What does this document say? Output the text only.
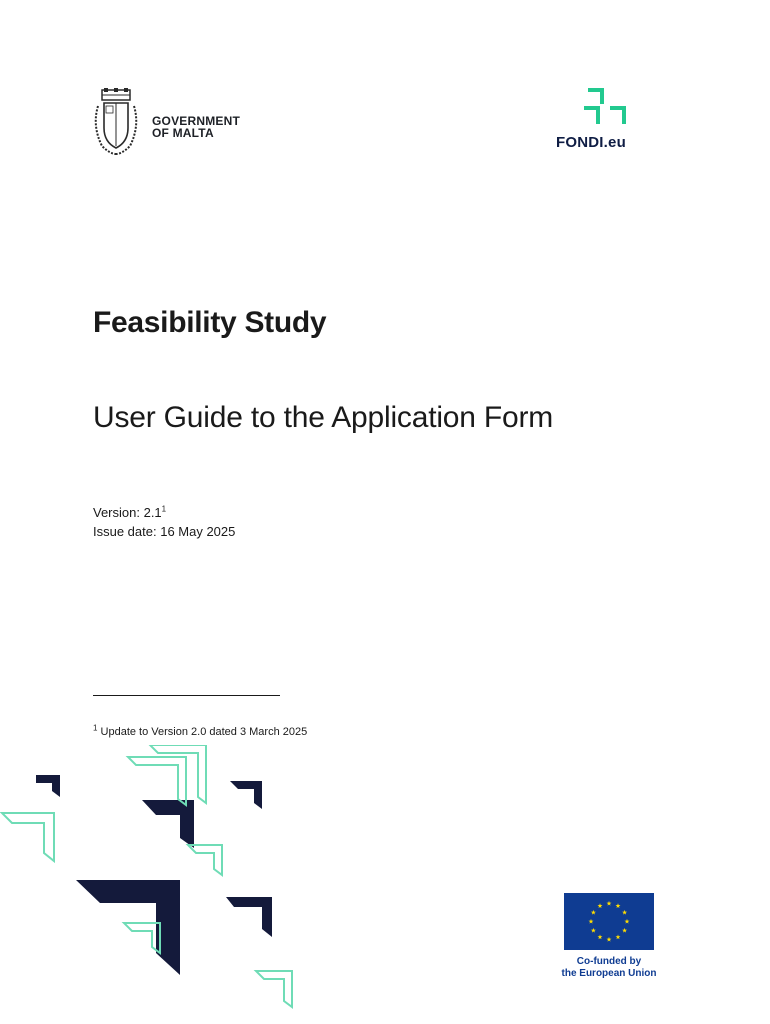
GOVERNMENT
OF MALTA
FONDI.eu
Feasibility Study
User Guide to the Application Form
Version: $2.1^1$
Issue date: 16 May 2025
$^1$ Update to Version 2.0 dated 3 March 2025
Co-funded by
the European Union
